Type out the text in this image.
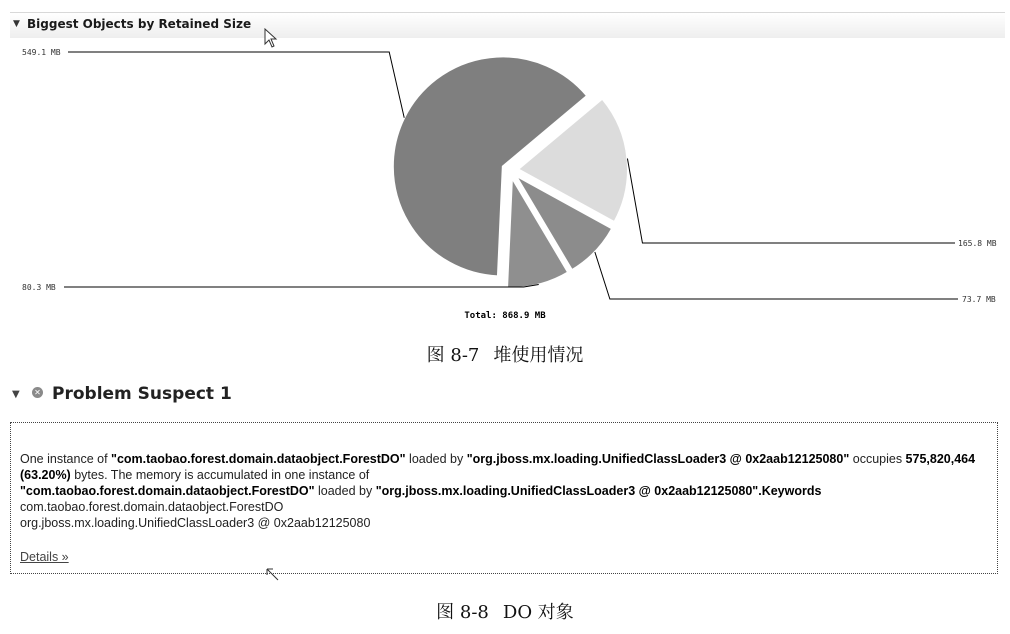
▼ Biggest Objects by Retained Size
549.1 MB
165.8 MB
73.7 MB
80.3 MB
Total: 868.9 MB
图 8-7 堆使用情况
▼ ✕ Problem Suspect 1
One instance of "com.taobao.forest.domain.dataobject.ForestDO" loaded by "org.jboss.mx.loading.UnifiedClassLoader3 @ 0x2aab12125080" occupies 575,820,464 (63.20%) bytes. The memory is accumulated in one instance of
"com.taobao.forest.domain.dataobject.ForestDO" loaded by "org.jboss.mx.loading.UnifiedClassLoader3 @ 0x2aab12125080".Keywords
com.taobao.forest.domain.dataobject.ForestDO
org.jboss.mx.loading.UnifiedClassLoader3 @ 0x2aab12125080
Details »
图 8-8 DO 对象
